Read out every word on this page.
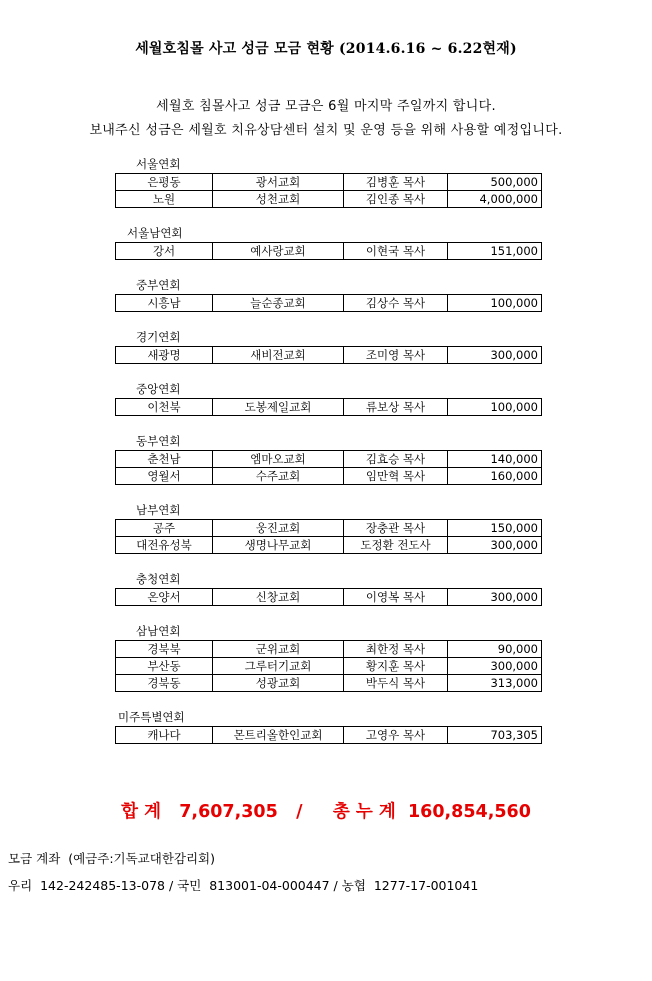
세월호침몰 사고 성금 모금 현황 (2014.6.16 ~ 6.22현재)
세월호 침몰사고 성금 모금은 6월 마지막 주일까지 합니다.
보내주신 성금은 세월호 치유상담센터 설치 및 운영 등을 위해 사용할 예정입니다.
서울연회
은평동	광서교회	김병훈 목사	500,000
노원	성천교회	김인종 목사	4,000,000
서울남연회
강서	예사랑교회	이현국 목사	151,000
중부연회
시흥남	늘순종교회	김상수 목사	100,000
경기연회
새광명	새비전교회	조미영 목사	300,000
중앙연회
이천북	도봉제일교회	류보상 목사	100,000
동부연회
춘천남	엠마오교회	김효승 목사	140,000
영월서	수주교회	임만혁 목사	160,000
남부연회
공주	웅진교회	장충관 목사	150,000
대전유성북	생명나무교회	도정환 전도사	300,000
충청연회
온양서	신창교회	이영복 목사	300,000
삼남연회
경북북	군위교회	최한정 목사	90,000
부산동	그루터기교회	황지훈 목사	300,000
경북동	성광교회	박두식 목사	313,000
미주특별연회
캐나다	몬트리올한인교회	고영우 목사	703,305
합 계   7,607,305   /     총 누 계  160,854,560
모금 계좌  (예금주:기독교대한감리회)
우리  142-242485-13-078 / 국민  813001-04-000447 / 농협  1277-17-001041
